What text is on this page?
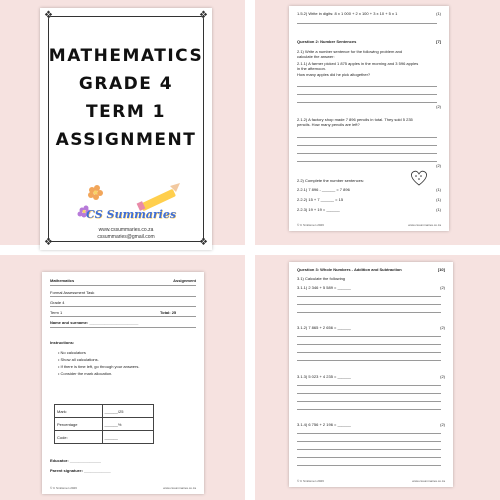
❖	❖
❖	❖
MATHEMATICS
GRADE 4
TERM 1
ASSIGNMENT
CS Summaries
www.cssummaries.co.za
cssummaries@gmail.com
1.5.2) Write in digits: 8 x 1 000 + 2 x 100 + 3 x 10 + 5 x 1	(1)
Question 2: Number Sentences	[7]
2.1) Write a number sentence for the following problem and
calculate the answer:
2.1.1) A farmer picked 1 875 apples in the morning and 3 596 apples
in the afternoon.
How many apples did he pick altogether?
(2)
2.1.2) A factory shop made 7 896 pencils in total. They sold 5 235
pencils. How many pencils are left?
(2)
2.2) Complete the number sentences:
2.2.1) 7 896 - ______ = 7 896
2.2.2) 15 + 7 ______ = 15
2.2.3) 19 + 19 = ______
(1)
(1)
(1)
© C Smitsmen 2026	www.cssummaries.co.za
Mathematics	Assignment
Formal Assessment Task
Grade 4
Term 1	Total: 25
Name and surname: ______________________
Instructions:
• No calculators
• Show all calculations.
• If there is time left, go through your answers.
• Consider the mark allocation.
Mark:	______/25
Percentage	______%
Code:	______
Educator: ______________
Parent signature: ____________
© C Smitsmen 2026	www.cssummaries.co.za
Question 3: Whole Numbers - Addition and Subtraction	[10]
3.1) Calculate the following
3.1.1) 2 346 + 5 589 = ______	(2)
3.1.2) 7 865 + 2 656 = ______	(2)
3.1.3) 5 023 + 4 235 = ______	(2)
3.1.4) 6 756 + 2 196 = ______	(2)
© C Smitsmen 2026	www.cssummaries.co.za
